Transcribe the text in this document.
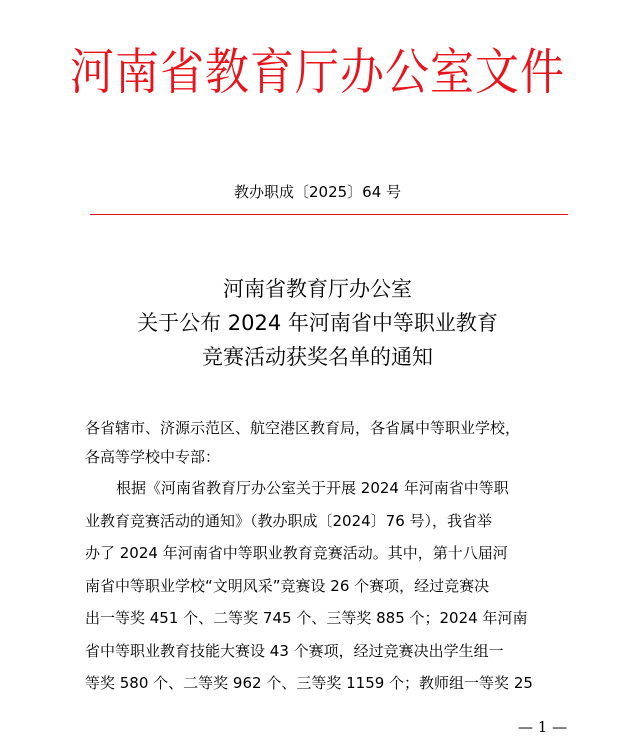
河南省教育厅办公室文件
教办职成〔2025〕64 号
河南省教育厅办公室
关于公布 2024 年河南省中等职业教育
竞赛活动获奖名单的通知
各省辖市、济源示范区、航空港区教育局，各省属中等职业学校，
各高等学校中专部：
根据《河南省教育厅办公室关于开展 2024 年河南省中等职
业教育竞赛活动的通知》（教办职成〔2024〕76 号），我省举
办了 2024 年河南省中等职业教育竞赛活动。其中，第十八届河
南省中等职业学校“文明风采”竞赛设 26 个赛项，经过竞赛决
出一等奖 451 个、二等奖 745 个、三等奖 885 个；2024 年河南
省中等职业教育技能大赛设 43 个赛项，经过竞赛决出学生组一
等奖 580 个、二等奖 962 个、三等奖 1159 个；教师组一等奖 25
— 1 —
